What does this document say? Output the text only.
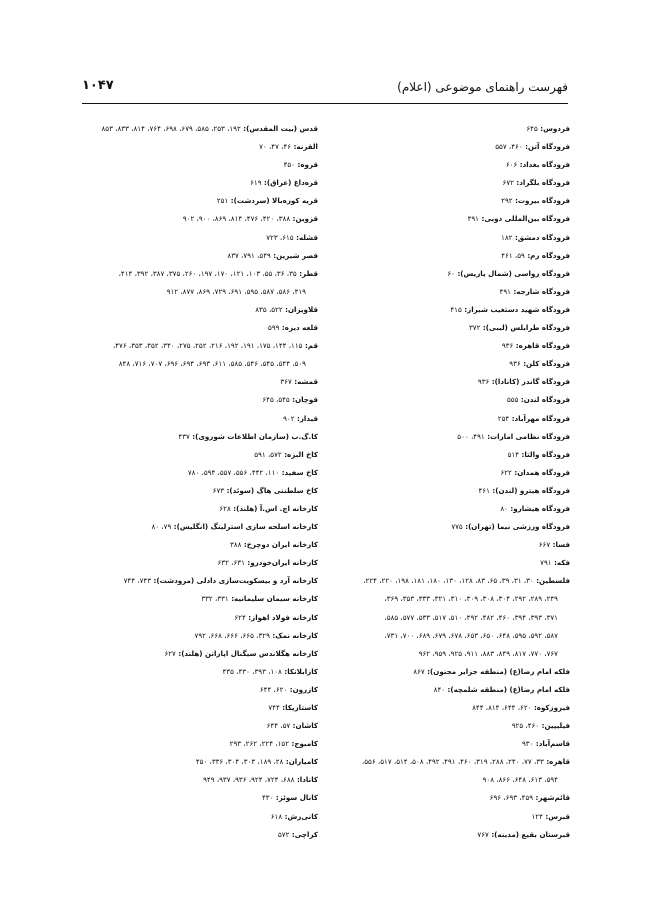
فهرست راهنمای موضوعی (اعلام)
۱۰۴۷
فردوس: ۶۴۵
فرودگاه آتن: ۴۶۰، ۵۵۷
فرودگاه بغداد: ۶۰۶
فرودگاه بلگراد: ۶۷۲
فرودگاه بیروت: ۲۹۲
فرودگاه بین‌المللی دوبی: ۴۹۱
فرودگاه دمشق: ۱۸۲
فرودگاه رم: ۵۹، ۴۶۱
فرودگاه رواسی (شمال پاریس): ۶۰
فرودگاه شارجه: ۴۹۱
فرودگاه شهید دستغیب شیراز: ۴۱۵
فرودگاه طرابلس (لیبی): ۳۷۲
فرودگاه قاهره: ۹۳۶
فرودگاه کلن: ۹۳۶
فرودگاه گاندر (کانادا): ۹۳۶
فرودگاه لندن: ۵۵۵
فرودگاه مهرآباد: ۲۵۴
فرودگاه نظامی امارات: ۴۹۱، ۵۰۰
فرودگاه والتا: ۵۱۴
فرودگاه همدان: ۶۲۲
فرودگاه هیترو (لندن): ۴۶۱
فرودگاه هیشارو: ۸۰
فرودگاه ورزشی نیما (تهران): ۷۷۵
فسا: ۶۶۷
فکه: ۷۹۱
فلسطین: ۳۰، ۳۱، ۳۹، ۶۵، ۸۳، ۱۲۸، ۱۳۰، ۱۸۰، ۱۸۱، ۱۹۸، ۲۲۰، ۲۲۴،
۲۴۹، ۲۸۹، ۲۹۲، ۳۰۴، ۳۰۸، ۳۰۹، ۳۱۰، ۳۲۱، ۳۳۳، ۳۵۳، ۳۶۹،
۳۷۱، ۳۹۳، ۳۹۴، ۴۶۰، ۴۸۲، ۴۹۲، ۵۱۰، ۵۱۷، ۵۳۳، ۵۷۷، ۵۸۵،
۵۸۷، ۵۹۲، ۵۹۵، ۶۴۸، ۶۵۰، ۶۵۳، ۶۷۸، ۶۷۹، ۶۸۹، ۷۰۰، ۷۳۱،
۷۶۷، ۷۷۰، ۸۱۷، ۸۴۹، ۸۸۳، ۹۱۱، ۹۲۵، ۹۵۹، ۹۶۲
فلکه امام رضا(ع) (منطقه جزایر مجنون): ۸۶۷
فلکه امام رضا(ع) (منطقه شلمچه): ۸۴۰
فیروزکوه: ۶۲۰، ۶۴۴، ۸۱۴، ۸۴۴
فیلیپین: ۴۶۰، ۹۲۵
قاسم‌آباد: ۹۳۰
قاهره: ۳۳، ۷۷، ۲۴۰، ۲۸۸، ۳۱۹، ۴۶۰، ۴۹۱، ۴۹۲، ۵۰۸، ۵۱۴، ۵۱۷، ۵۵۶،
۵۹۴، ۶۱۳، ۶۴۸، ۸۶۶، ۹۰۸
قائم‌شهر: ۴۵۹، ۶۹۳، ۶۹۶
قبرس: ۱۲۴
قبرستان بقیع (مدینه): ۷۶۷
قدس (بیت المقدس): ۱۹۲، ۲۵۳، ۵۸۵، ۶۷۹، ۶۹۸، ۷۶۴، ۸۱۴، ۸۳۳، ۸۵۳
القرنه: ۴۶، ۴۷، ۷۰
قروه: ۴۵۰
قره‌داغ (عراق): ۶۱۹
قریه کوره‌بالا (سردشت): ۲۵۱
قزوین: ۳۸۸، ۴۲۰، ۴۷۶، ۸۱۴، ۸۶۹، ۹۰۰، ۹۰۲
قشله: ۶۱۵، ۷۲۳
قصر شیرین: ۵۴۹، ۷۹۱، ۸۳۷
قطر: ۳۵، ۳۶، ۵۵، ۱۰۳، ۱۲۱، ۱۷۰، ۱۹۷، ۲۶۰، ۳۷۵، ۳۸۷، ۳۹۲، ۴۱۴،
۴۱۹، ۵۸۶، ۵۸۷، ۵۹۵، ۶۹۱، ۷۲۹، ۸۶۹، ۸۷۷، ۹۱۲
قلاویزان: ۵۲۲، ۸۳۵
قلعه دیزه: ۵۹۹
قم: ۱۱۵، ۱۴۴، ۱۷۵، ۱۹۱، ۱۹۲، ۲۱۶، ۲۵۲، ۲۷۵، ۳۴۰، ۳۵۲، ۳۵۳، ۴۷۶،
۵۰۹، ۵۴۴، ۵۴۵، ۵۴۶، ۵۸۵، ۶۱۱، ۶۹۳، ۶۹۴، ۶۹۶، ۷۰۷، ۷۱۶، ۸۴۸
قمشه: ۳۶۷
قوچان: ۵۴۵، ۶۴۵
قیدار: ۹۰۲
کا.گ.ب (سازمان اطلاعات شوروی): ۴۳۷
کاخ البزه: ۵۷۲، ۵۹۱
کاخ سفید: ۱۱۰، ۴۴۲، ۵۵۶، ۵۵۷، ۵۹۴، ۷۸۰
کاخ سلطنتی هاگ (سوئد): ۶۷۳
کارخانه اچ. اس.آ (هلند): ۶۲۸
کارخانه اسلحه سازی استرلینگ (انگلیس): ۷۹، ۸۰
کارخانه ایران دوچرخ: ۳۸۸
کارخانه ایران‌خودرو: ۶۳۱، ۶۳۲
کارخانه آرد و بیسکویت‌سازی دادلی (مرودشت): ۷۴۳، ۷۴۴
کارخانه سیمان سلیمانیه: ۳۳۱، ۳۳۲
کارخانه فولاد اهواز: ۶۲۴
کارخانه نمک: ۳۲۹، ۶۶۵، ۶۶۶، ۶۶۸، ۷۹۲
کارخانه هگلاندس سیگنال اپاراتن (هلند): ۶۲۷
کازابلانکا: ۱۰۸، ۳۹۳، ۴۳۰، ۴۳۵
کازرون: ۶۲۰، ۶۴۴
کاستاریکا: ۷۴۴
کاشان: ۵۷، ۶۴۴
کامبوج: ۱۵۲، ۲۲۴، ۲۶۲، ۲۹۳
کامیاران: ۲۸، ۱۸۹، ۳۰۳، ۳۰۴، ۳۳۶، ۴۵۰
کانادا: ۶۸۸، ۷۲۴، ۹۲۴، ۹۳۶، ۹۳۷، ۹۴۹
کانال سوئز: ۴۳۰
کانی‌رش: ۶۱۸
کراچی: ۵۷۲
